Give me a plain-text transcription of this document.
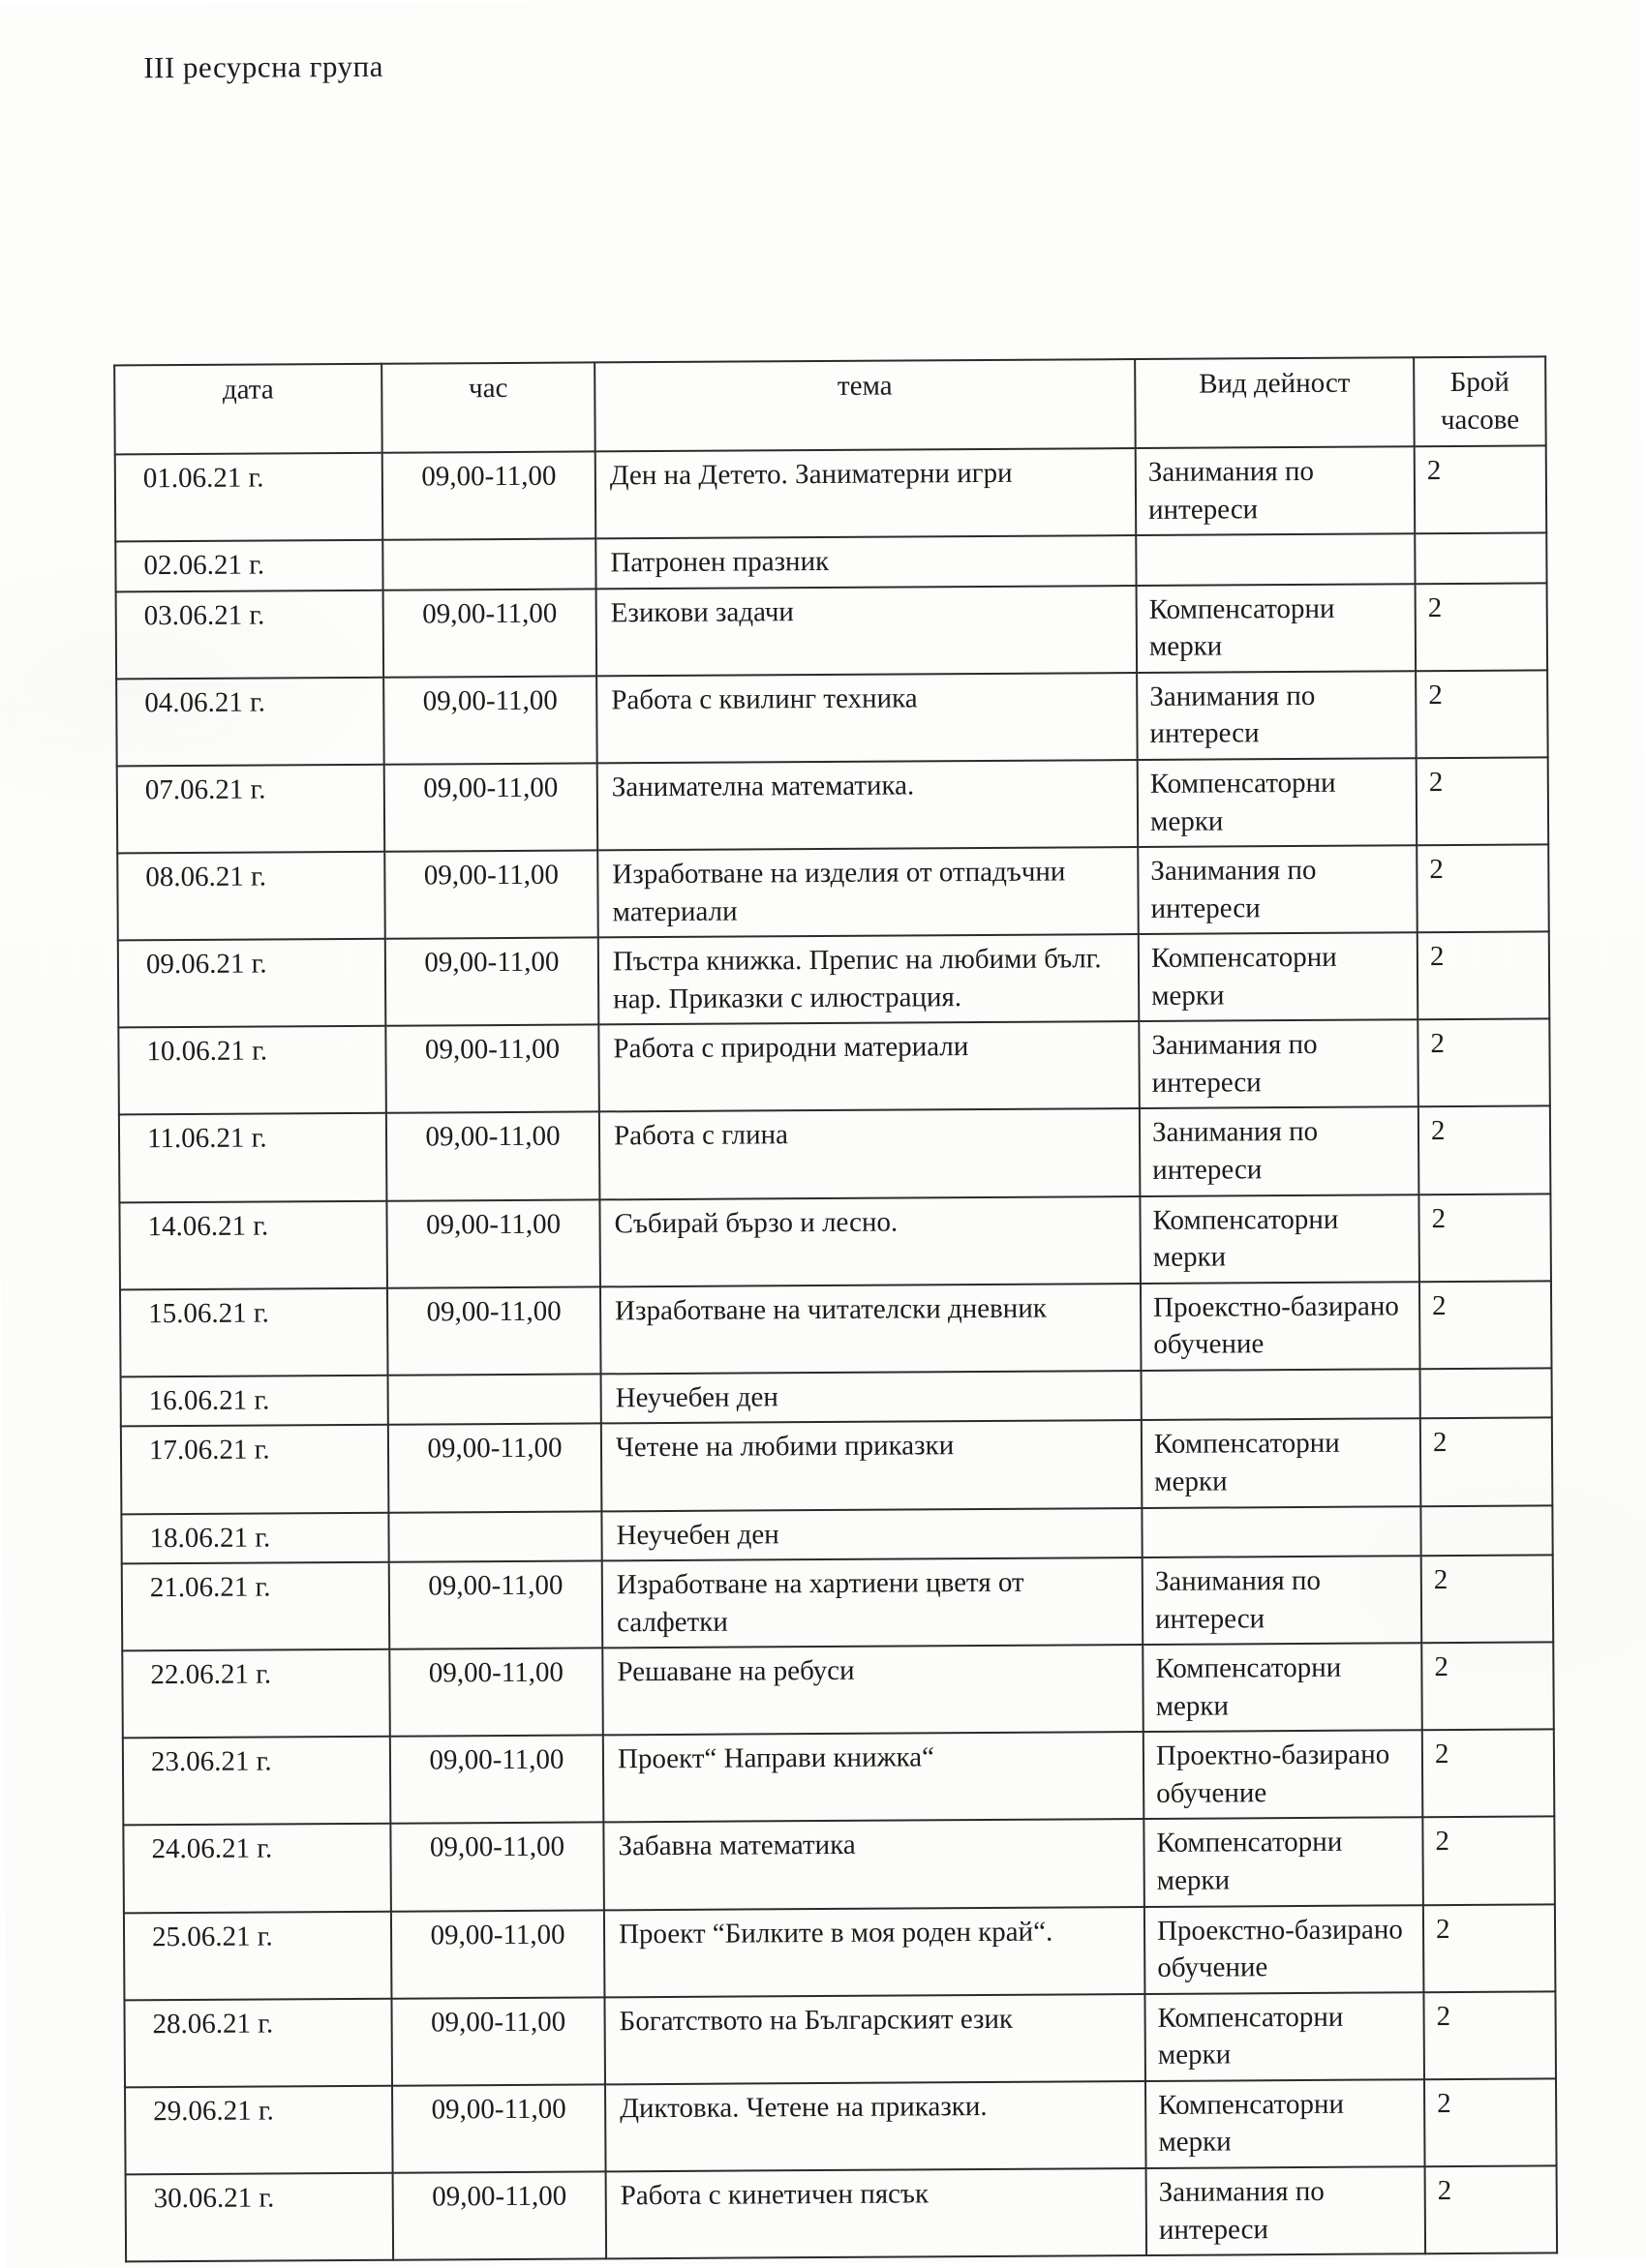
III ресурсна група
дата	час	тема	Вид дейност	Брой часове
01.06.21 г.	09,00-11,00	Ден на Детето. Заниматерни игри	Занимания по интереси	2
02.06.21 г.		Патронен празник		
03.06.21 г.	09,00-11,00	Езикови задачи	Компенсаторни мерки	2
04.06.21 г.	09,00-11,00	Работа с квилинг техника	Занимания по интереси	2
07.06.21 г.	09,00-11,00	Занимателна математика.	Компенсаторни мерки	2
08.06.21 г.	09,00-11,00	Изработване на изделия от отпадъчни материали	Занимания по интереси	2
09.06.21 г.	09,00-11,00	Пъстра книжка. Препис на любими бълг. нар. Приказки с илюстрация.	Компенсаторни мерки	2
10.06.21 г.	09,00-11,00	Работа с природни материали	Занимания по интереси	2
11.06.21 г.	09,00-11,00	Работа с глина	Занимания по интереси	2
14.06.21 г.	09,00-11,00	Събирай бързо и лесно.	Компенсаторни мерки	2
15.06.21 г.	09,00-11,00	Изработване на читателски дневник	Проекстно-базирано обучение	2
16.06.21 г.		Неучебен ден		
17.06.21 г.	09,00-11,00	Четене на любими приказки	Компенсаторни мерки	2
18.06.21 г.		Неучебен ден		
21.06.21 г.	09,00-11,00	Изработване на хартиени цветя от салфетки	Занимания по интереси	2
22.06.21 г.	09,00-11,00	Решаване на ребуси	Компенсаторни мерки	2
23.06.21 г.	09,00-11,00	Проект“ Направи книжка“	Проектно-базирано обучение	2
24.06.21 г.	09,00-11,00	Забавна математика	Компенсаторни мерки	2
25.06.21 г.	09,00-11,00	Проект “Билките в моя роден край“.	Проекстно-базирано обучение	2
28.06.21 г.	09,00-11,00	Богатството на Българският език	Компенсаторни мерки	2
29.06.21 г.	09,00-11,00	Диктовка. Четене на приказки.	Компенсаторни мерки	2
30.06.21 г.	09,00-11,00	Работа с кинетичен пясък	Занимания по интереси	2
